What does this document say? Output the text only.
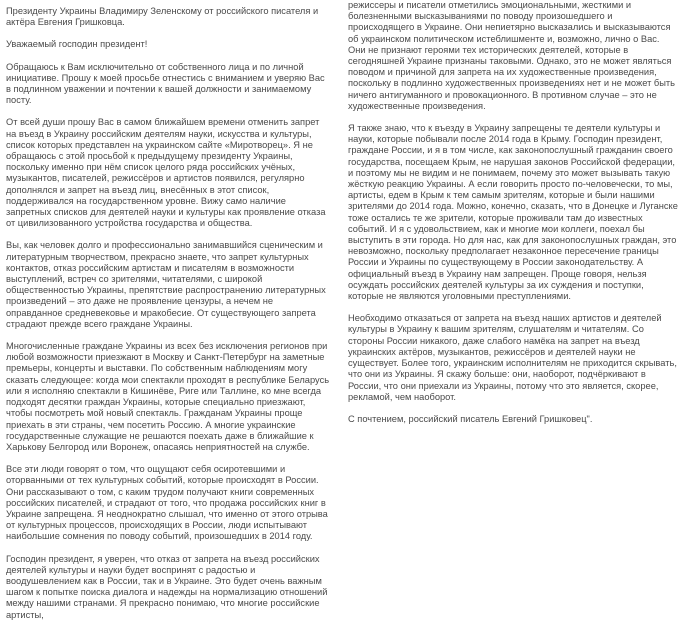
Президенту Украины Владимиру Зеленскому от российского писателя и актёра Евгения Гришковца.

Уважаемый господин президент!

Обращаюсь к Вам исключительно от собственного лица и по личной инициативе. Прошу к моей просьбе отнестись с вниманием и уверяю Вас в подлинном уважении и почтении к вашей должности и занимаемому посту.

От всей души прошу Вас в самом ближайшем времени отменить запрет на въезд в Украину российским деятелям науки, искусства и культуры, список которых представлен на украинском сайте «Миротворец». Я не обращаюсь с этой просьбой к предыдущему президенту Украины, поскольку именно при нём список целого ряда российских учёных, музыкантов, писателей, режиссёров и артистов появился, регулярно дополнялся и запрет на въезд лиц, внесённых в этот список, поддерживался на государственном уровне. Вижу само наличие запретных списков для деятелей науки и культуры как проявление отказа от цивилизованного устройства государства и общества.

Вы, как человек долго и профессионально занимавшийся сценическим и литературным творчеством, прекрасно знаете, что запрет культурных контактов, отказ российским артистам и писателям в возможности выступлений, встреч со зрителями, читателями, с широкой общественностью Украины, препятствие распространению литературных произведений – это даже не проявление цензуры, а нечем не оправданное средневековье и мракобесие. От существующего запрета страдают прежде всего граждане Украины.

Многочисленные граждане Украины из всех без исключения регионов при любой возможности приезжают в Москву и Санкт-Петербург на заметные премьеры, концерты и выставки. По собственным наблюдениям могу сказать следующее: когда мои спектакли проходят в республике Беларусь или я исполняю спектакли в Кишинёве, Риге или Таллине, ко мне всегда подходят десятки граждан Украины, которые специально приезжают, чтобы посмотреть мой новый спектакль. Гражданам Украины проще приехать в эти страны, чем посетить Россию. А многие украинские государственные служащие не решаются поехать даже в ближайшие к Харькову Белгород или Воронеж, опасаясь неприятностей на службе.

Все эти люди говорят о том, что ощущают себя осиротевшими и оторванными от тех культурных событий, которые происходят в России. Они рассказывают о том, с каким трудом получают книги современных российских писателей, и страдают от того, что продажа российских книг в Украине запрещена. Я неоднократно слышал, что именно от этого отрыва от культурных процессов, происходящих в России, люди испытывают наибольшие сомнения по поводу событий, произошедших в 2014 году.

Господин президент, я уверен, что отказ от запрета на въезд российских деятелей культуры и науки будет воспринят с радостью и воодушевлением как в России, так и в Украине. Это будет очень важным шагом к попытке поиска диалога и надежды на нормализацию отношений между нашими странами. Я прекрасно понимаю, что многие российские артисты,

режиссеры и писатели отметились эмоциональными, жесткими и болезненными высказываниями по поводу произошедшего и происходящего в Украине. Они непиетярно высказались и высказываются об украинском политическом истеблишменте и, возможно, лично о Вас. Они не признают героями тех исторических деятелей, которые в сегодняшней Украине признаны таковыми. Однако, это не может являться поводом и причиной для запрета на их художественные произведения, поскольку в подлинно художественных произведениях нет и не может быть ничего антигуманного и провокационного. В противном случае – это не художественные произведения.

Я также знаю, что к въезду в Украину запрещены те деятели культуры и науки, которые побывали после 2014 года в Крыму. Господин президент, граждане России, и я в том числе, как законопослушный гражданин своего государства, посещаем Крым, не нарушая законов Российской федерации, и поэтому мы не видим и не понимаем, почему это может вызывать такую жёсткую реакцию Украины. А если говорить просто по-человечески, то мы, артисты, едем в Крым к тем самым зрителям, которые и были нашими зрителями до 2014 года. Можно, конечно, сказать, что в Донецке и Луганске тоже остались те же зрители, которые проживали там до известных событий. И я с удовольствием, как и многие мои коллеги, поехал бы выступить в эти города. Но для нас, как для законопослушных граждан, это невозможно, поскольку предполагает незаконное пересечение границы России и Украины по существующему в России законодательству. А официальный въезд в Украину нам запрещен. Проще говоря, нельзя осуждать российских деятелей культуры за их суждения и поступки, которые не являются уголовными преступлениями.

Необходимо отказаться от запрета на въезд наших артистов и деятелей культуры в Украину к вашим зрителям, слушателям и читателям. Со стороны России никакого, даже слабого намёка на запрет на въезд украинских актёров, музыкантов, режиссёров и деятелей науки не существует. Более того, украинским исполнителям не приходится скрывать, что они из Украины. Я скажу больше: они, наоборот, подчёркивают в России, что они приехали из Украины, потому что это является, скорее, рекламой, чем наоборот.

С почтением, российский писатель Евгений Гришковец".
